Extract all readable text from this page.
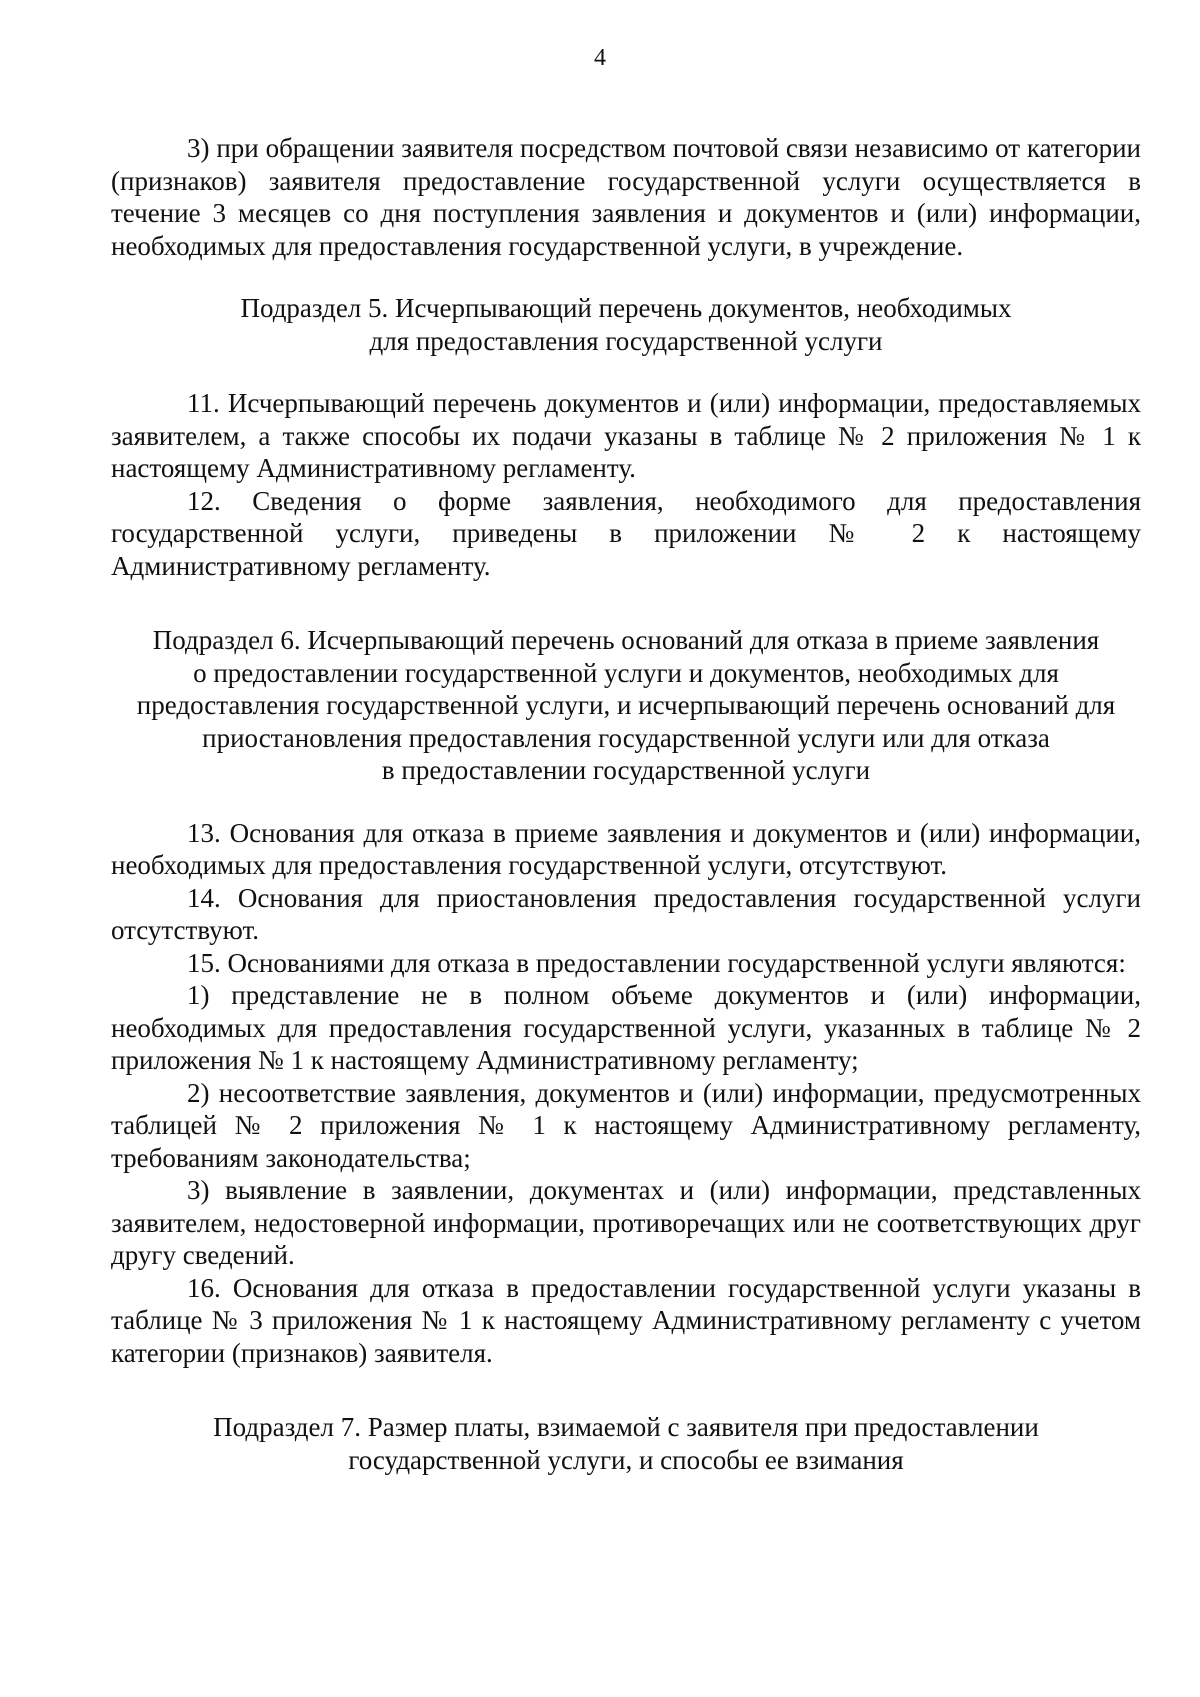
4

3) при обращении заявителя посредством почтовой связи независимо от категории (признаков) заявителя предоставление государственной услуги осуществляется в течение 3 месяцев со дня поступления заявления и документов и (или) информации, необходимых для предоставления государственной услуги, в учреждение.

Подраздел 5. Исчерпывающий перечень документов, необходимых
для предоставления государственной услуги

11. Исчерпывающий перечень документов и (или) информации, предоставляемых заявителем, а также способы их подачи указаны в таблице № 2 приложения № 1 к настоящему Административному регламенту.

12. Сведения о форме заявления, необходимого для предоставления государственной услуги, приведены в приложении № 2 к настоящему Административному регламенту.

Подраздел 6. Исчерпывающий перечень оснований для отказа в приеме заявления
о предоставлении государственной услуги и документов, необходимых для
предоставления государственной услуги, и исчерпывающий перечень оснований для
приостановления предоставления государственной услуги или для отказа
в предоставлении государственной услуги

13. Основания для отказа в приеме заявления и документов и (или) информации, необходимых для предоставления государственной услуги, отсутствуют.

14. Основания для приостановления предоставления государственной услуги отсутствуют.

15. Основаниями для отказа в предоставлении государственной услуги являются:

1) представление не в полном объеме документов и (или) информации, необходимых для предоставления государственной услуги, указанных в таблице № 2 приложения № 1 к настоящему Административному регламенту;

2) несоответствие заявления, документов и (или) информации, предусмотренных таблицей № 2 приложения № 1 к настоящему Административному регламенту, требованиям законодательства;

3) выявление в заявлении, документах и (или) информации, представленных заявителем, недостоверной информации, противоречащих или не соответствующих друг другу сведений.

16. Основания для отказа в предоставлении государственной услуги указаны в таблице № 3 приложения № 1 к настоящему Административному регламенту с учетом категории (признаков) заявителя.

Подраздел 7. Размер платы, взимаемой с заявителя при предоставлении
государственной услуги, и способы ее взимания
